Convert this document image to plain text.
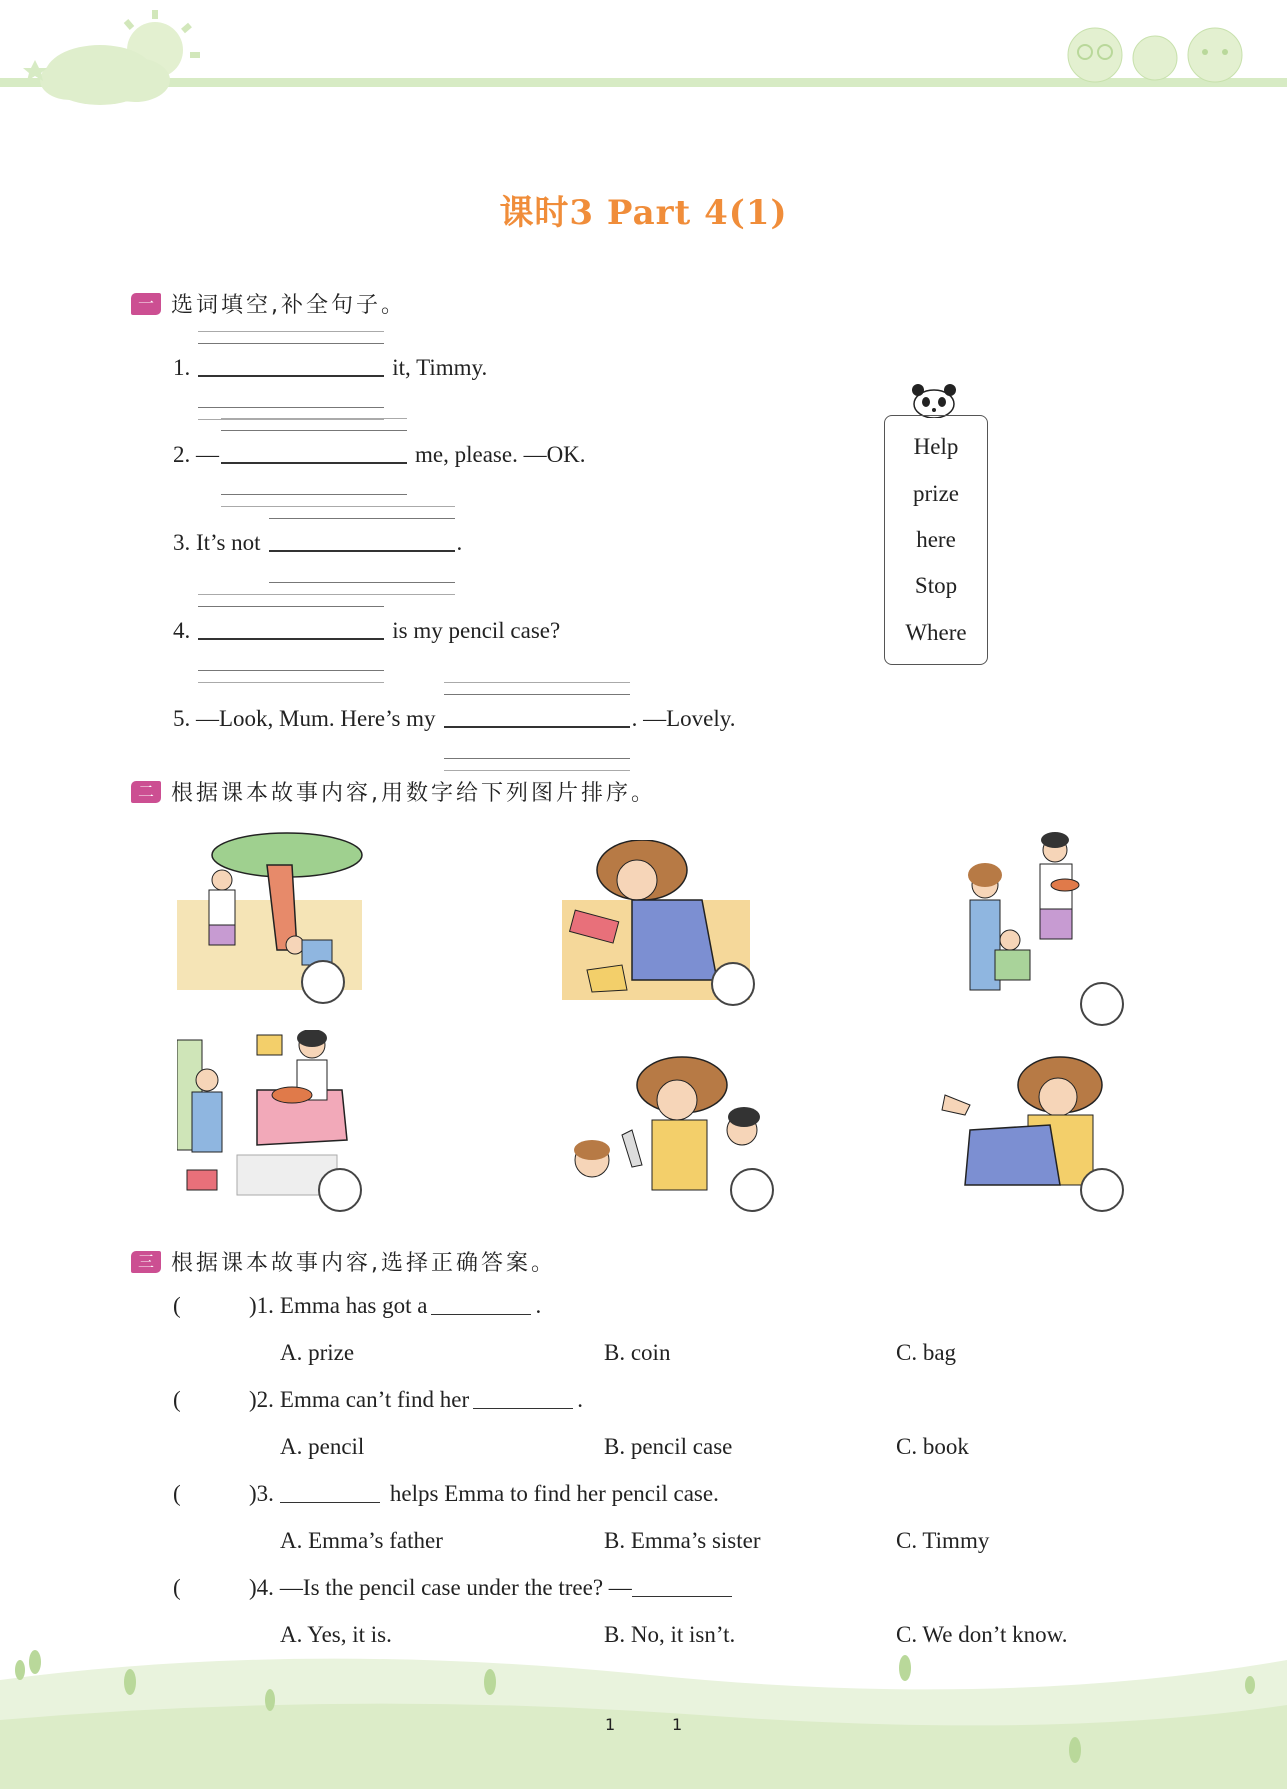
课时3 Part 4(1)
一 选词填空,补全句子。
1.	it, Timmy.
2. —	me, please. —OK.
3. It’s not	.
4.	is my pencil case?
5. —Look, Mum. Here’s my	. —Lovely.
Help
prize
here
Stop
Where
二 根据课本故事内容,用数字给下列图片排序。
三 根据课本故事内容,选择正确答案。
(	)1. Emma has got a	.
A. prize	B. coin	C. bag
(	)2. Emma can’t find her	.
A. pencil	B. pencil case	C. book
(	)3.	helps Emma to find her pencil case.
A. Emma’s father	B. Emma’s sister	C. Timmy
(	)4. —Is the pencil case under the tree? —
1	1
A. Yes, it is.	B. No, it isn’t.	C. We don’t know.
